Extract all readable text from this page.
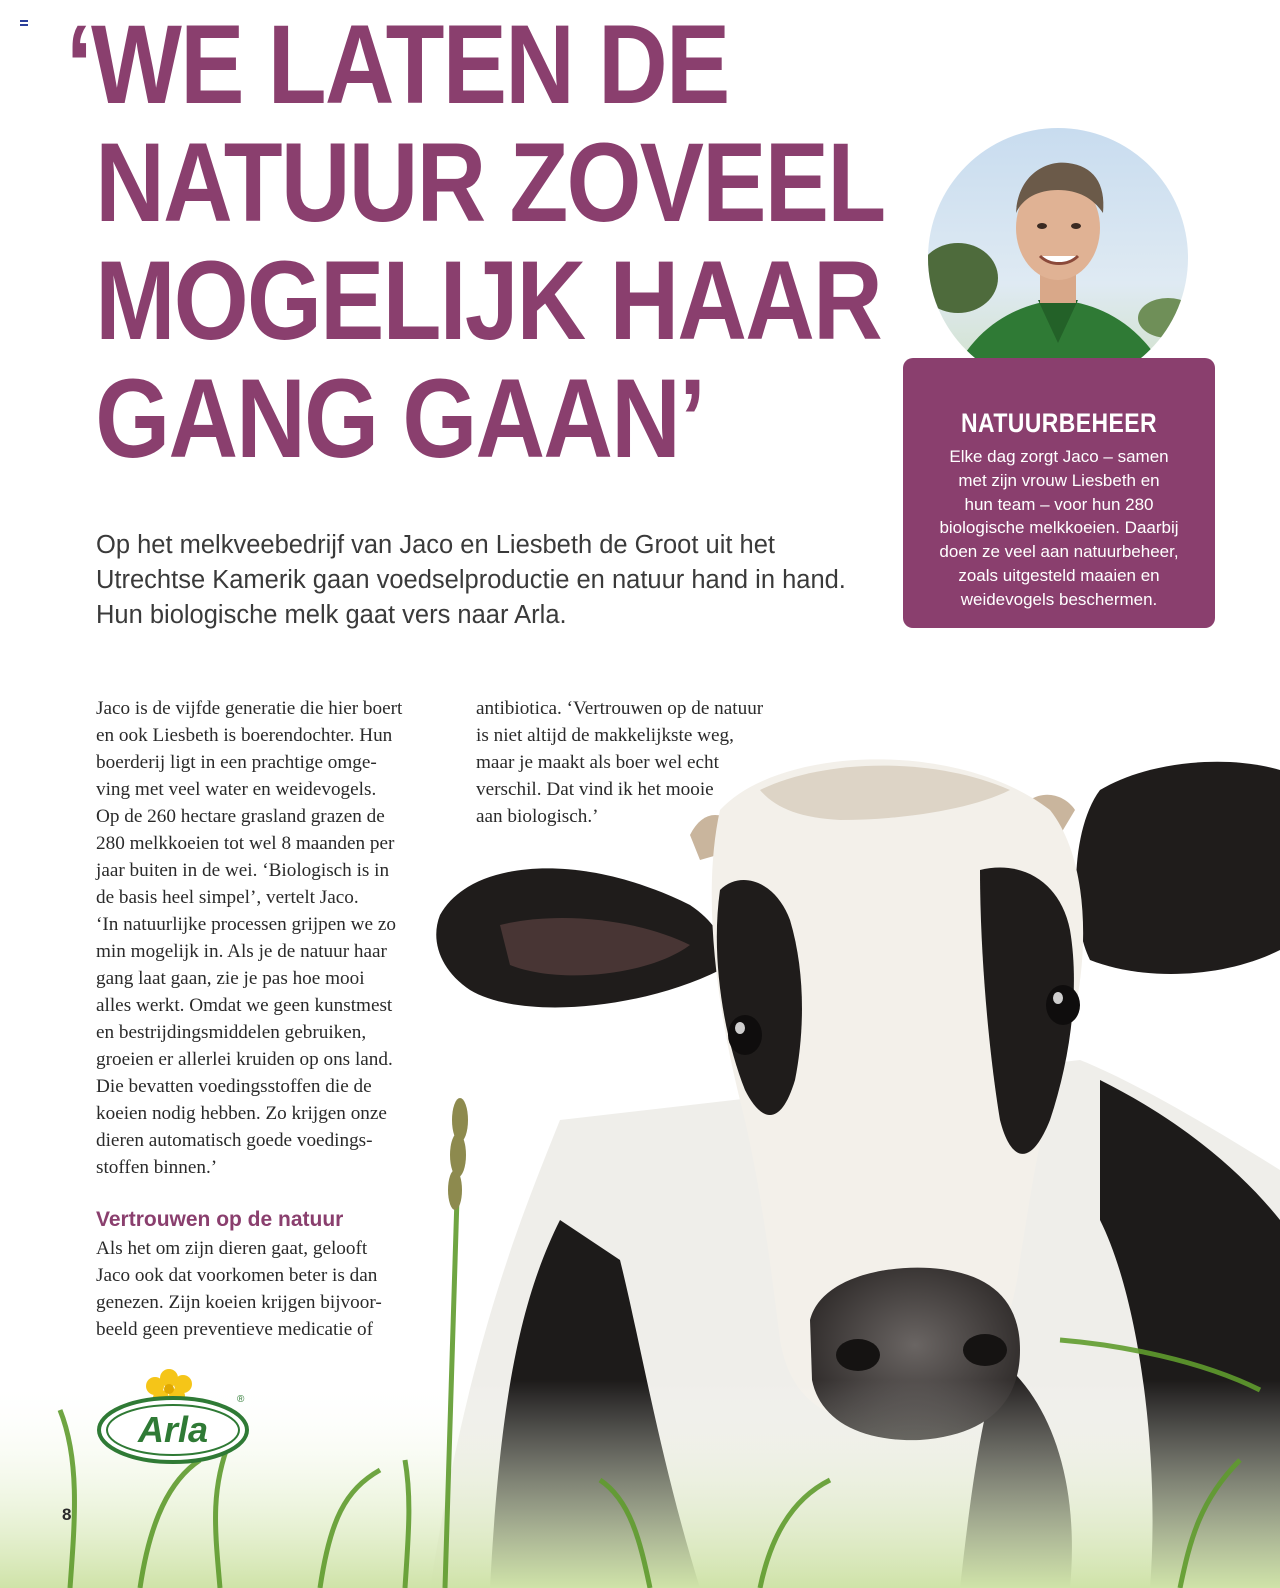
‘WE LATEN DE
NATUUR ZOVEEL
MOGELIJK HAAR
GANG GAAN’
Op het melkveebedrijf van Jaco en Liesbeth de Groot uit het Utrechtse Kamerik gaan voedselproductie en natuur hand in hand. Hun biologische melk gaat vers naar Arla.
NATUURBEHEER
Elke dag zorgt Jaco – samen
met zijn vrouw Liesbeth en
hun team – voor hun 280
biologische melkkoeien. Daarbij
doen ze veel aan natuurbeheer,
zoals uitgesteld maaien en
weidevogels beschermen.
Jaco is de vijfde generatie die hier boert
en ook Liesbeth is boerendochter. Hun
boerderij ligt in een prachtige omge-
ving met veel water en weidevogels.
Op de 260 hectare grasland grazen de
280 melkkoeien tot wel 8 maanden per
jaar buiten in de wei. ‘Biologisch is in
de basis heel simpel’, vertelt Jaco.
‘In natuurlijke processen grijpen we zo
min mogelijk in. Als je de natuur haar
gang laat gaan, zie je pas hoe mooi
alles werkt. Omdat we geen kunstmest
en bestrijdingsmiddelen gebruiken,
groeien er allerlei kruiden op ons land.
Die bevatten voedingsstoffen die de
koeien nodig hebben. Zo krijgen onze
dieren automatisch goede voedings-
stoffen binnen.’
Vertrouwen op de natuur
Als het om zijn dieren gaat, gelooft
Jaco ook dat voorkomen beter is dan
genezen. Zijn koeien krijgen bijvoor-
beeld geen preventieve medicatie of
antibiotica. ‘Vertrouwen op de natuur
is niet altijd de makkelijkste weg,
maar je maakt als boer wel echt
verschil. Dat vind ik het mooie
aan biologisch.’
Arla
®
8
